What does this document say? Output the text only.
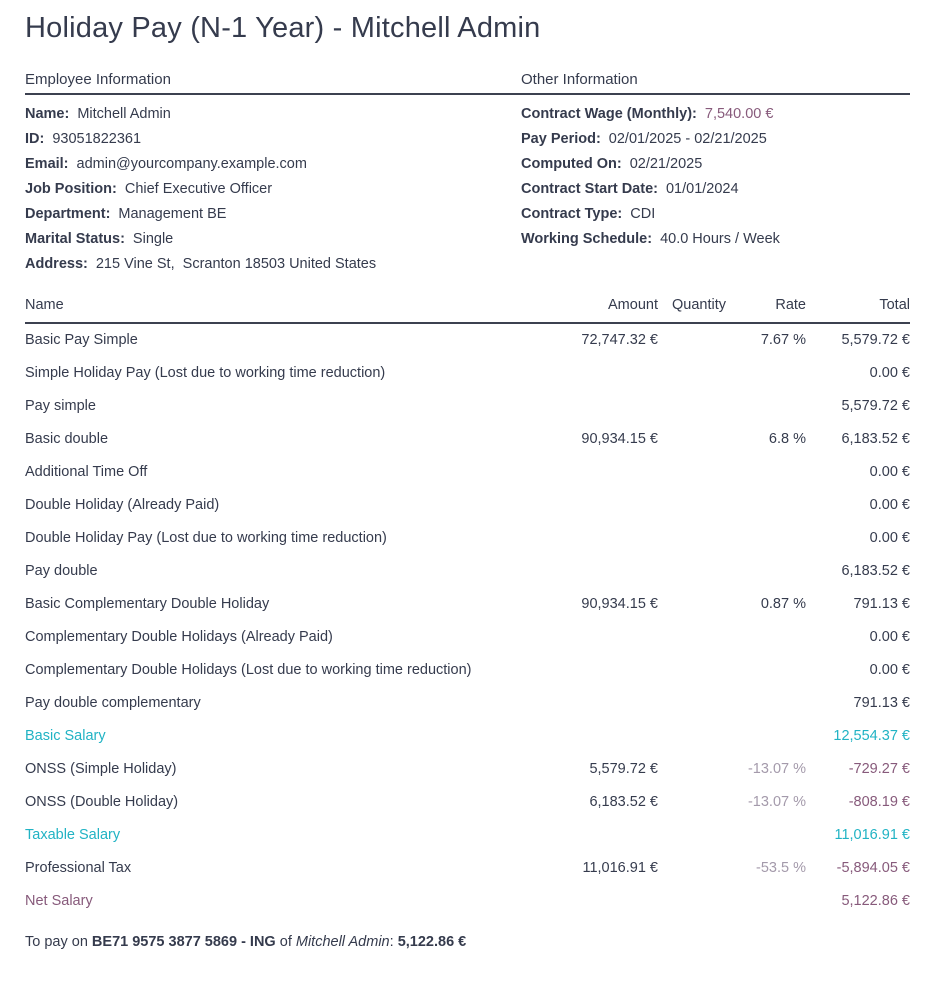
Holiday Pay (N-1 Year) - Mitchell Admin
Employee Information	Other Information
Name: Mitchell Admin
ID: 93051822361
Email: admin@yourcompany.example.com
Job Position: Chief Executive Officer
Department: Management BE
Marital Status: Single
Address: 215 Vine St,  Scranton 18503 United States
Contract Wage (Monthly): 7,540.00 €
Pay Period: 02/01/2025 - 02/21/2025
Computed On: 02/21/2025
Contract Start Date: 01/01/2024
Contract Type: CDI
Working Schedule: 40.0 Hours / Week
Name	Amount	Quantity	Rate	Total
Basic Pay Simple	72,747.32 €		7.67 %	5,579.72 €
Simple Holiday Pay (Lost due to working time reduction)				0.00 €
Pay simple				5,579.72 €
Basic double	90,934.15 €		6.8 %	6,183.52 €
Additional Time Off				0.00 €
Double Holiday (Already Paid)				0.00 €
Double Holiday Pay (Lost due to working time reduction)				0.00 €
Pay double				6,183.52 €
Basic Complementary Double Holiday	90,934.15 €		0.87 %	791.13 €
Complementary Double Holidays (Already Paid)				0.00 €
Complementary Double Holidays (Lost due to working time reduction)				0.00 €
Pay double complementary				791.13 €
Basic Salary				12,554.37 €
ONSS (Simple Holiday)	5,579.72 €		-13.07 %	-729.27 €
ONSS (Double Holiday)	6,183.52 €		-13.07 %	-808.19 €
Taxable Salary				11,016.91 €
Professional Tax	11,016.91 €		-53.5 %	-5,894.05 €
Net Salary				5,122.86 €
To pay on BE71 9575 3877 5869 - ING of Mitchell Admin: 5,122.86 €
